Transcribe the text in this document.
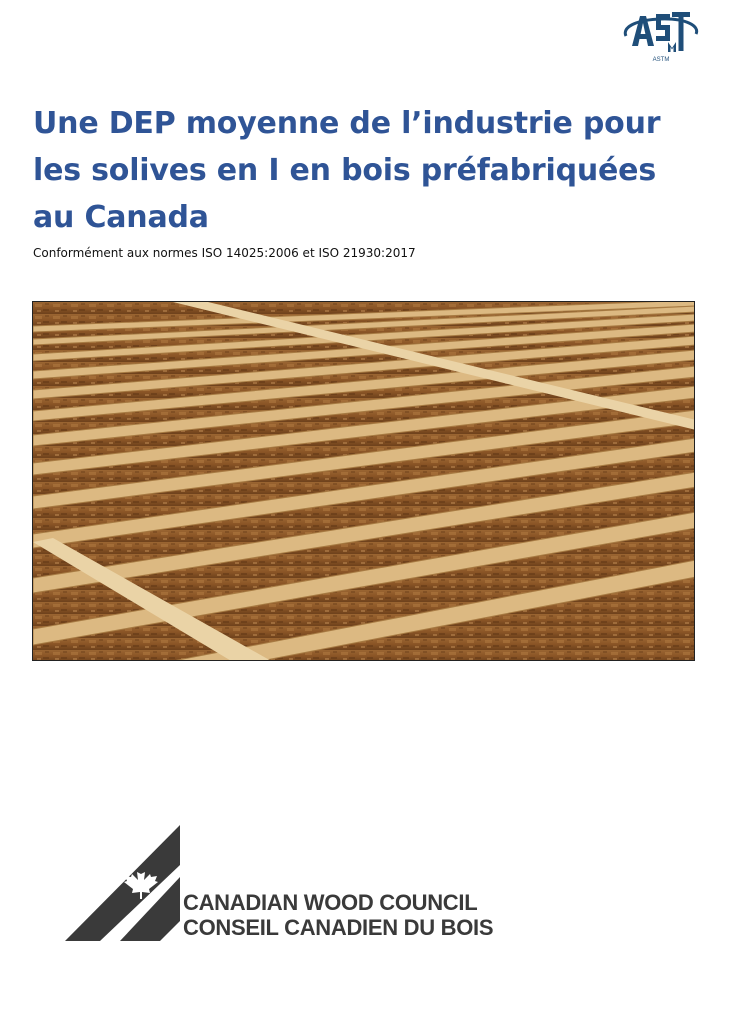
ASTM
Une DEP moyenne de l’industrie pour
les solives en I en bois préfabriquées
au Canada

Conformément aux normes ISO 14025:2006 et ISO 21930:2017

CANADIAN WOOD COUNCIL
CONSEIL CANADIEN DU BOIS
